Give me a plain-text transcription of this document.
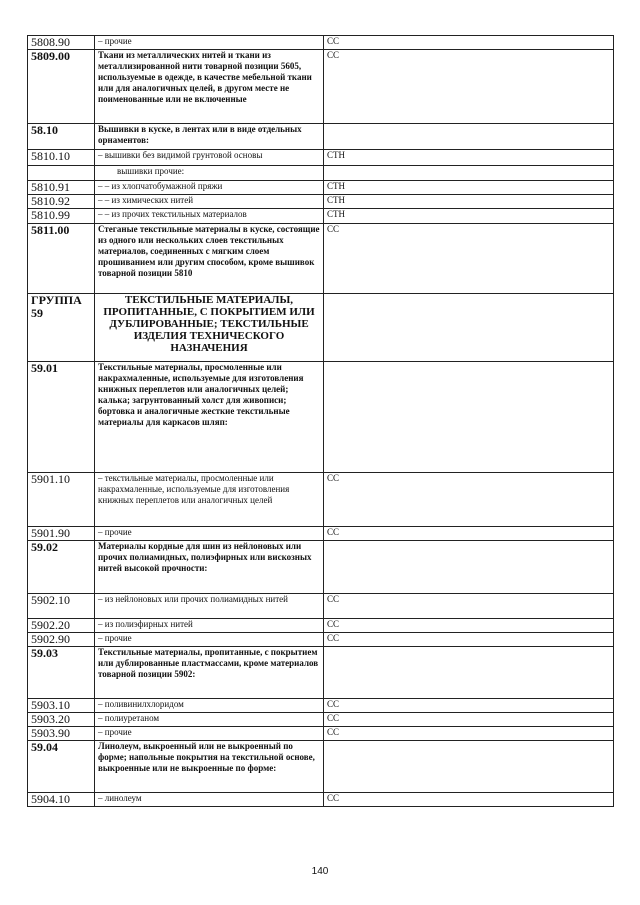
5808.90	– прочие	СС
5809.00	Ткани из металлических нитей и ткани из металлизированной нити товарной позиции 5605, используемые в одежде, в качестве мебельной ткани или для аналогичных целей, в другом месте не поименованные или не включенные	СС
58.10	Вышивки в куске, в лентах или в виде отдельных орнаментов:	
5810.10	– вышивки без видимой грунтовой основы	СТН
	вышивки прочие:	
5810.91	– – из хлопчатобумажной пряжи	СТН
5810.92	– – из химических нитей	СТН
5810.99	– – из прочих текстильных материалов	СТН
5811.00	Стеганые текстильные материалы в куске, состоящие из одного или нескольких слоев текстильных материалов, соединенных с мягким слоем прошиванием или другим способом, кроме вышивок товарной позиции 5810	СС
ГРУППА 59	ТЕКСТИЛЬНЫЕ МАТЕРИАЛЫ, ПРОПИТАННЫЕ, С ПОКРЫТИЕМ ИЛИ ДУБЛИРОВАННЫЕ; ТЕКСТИЛЬНЫЕ ИЗДЕЛИЯ ТЕХНИЧЕСКОГО НАЗНАЧЕНИЯ	
59.01	Текстильные материалы, просмоленные или накрахмаленные, используемые для изготовления книжных переплетов или аналогичных целей; калька; загрунтованный холст для живописи; бортовка и аналогичные жесткие текстильные материалы для каркасов шляп:	
5901.10	– текстильные материалы, просмоленные или накрахмаленные, используемые для изготовления книжных переплетов или аналогичных целей	СС
5901.90	– прочие	СС
59.02	Материалы кордные для шин из нейлоновых или прочих полиамидных, полиэфирных или вискозных нитей высокой прочности:	
5902.10	– из нейлоновых или прочих полиамидных нитей	СС
5902.20	– из полиэфирных нитей	СС
5902.90	– прочие	СС
59.03	Текстильные материалы, пропитанные, с покрытием или дублированные пластмассами, кроме материалов товарной позиции 5902:	
5903.10	– поливинилхлоридом	СС
5903.20	– полиуретаном	СС
5903.90	– прочие	СС
59.04	Линолеум, выкроенный или не выкроенный по форме; напольные покрытия на текстильной основе, выкроенные или не выкроенные по форме:	
5904.10	– линолеум	СС
140
